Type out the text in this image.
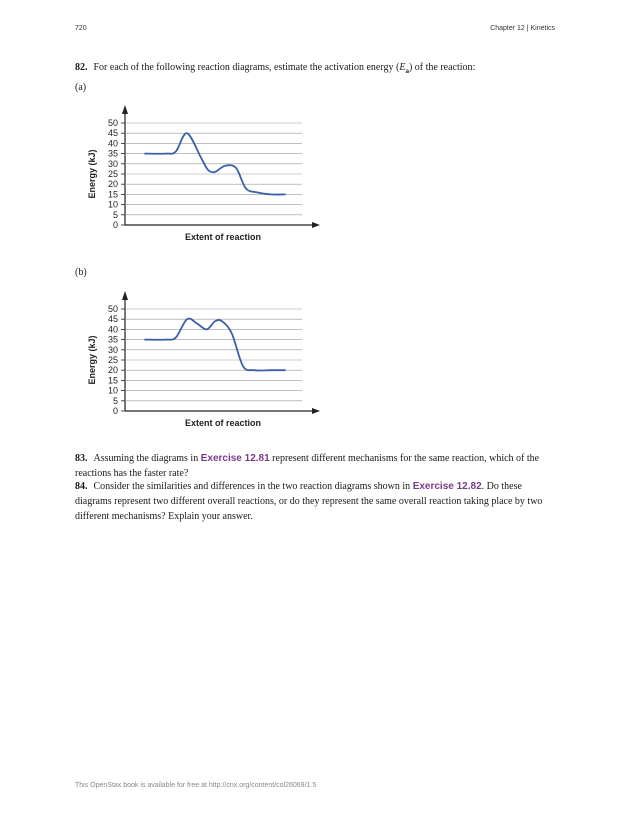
720	Chapter 12 | Kinetics
82. For each of the following reaction diagrams, estimate the activation energy $(E_a)$ of the reaction:
(a)
0
5
10
15
20
25
30
35
40
45
50
Energy (kJ)
Extent of reaction
(b)
0
5
10
15
20
25
30
35
40
45
50
Energy (kJ)
Extent of reaction
83. Assuming the diagrams in Exercise 12.81 represent different mechanisms for the same reaction, which of the reactions has the faster rate?
84. Consider the similarities and differences in the two reaction diagrams shown in Exercise 12.82. Do these diagrams represent two different overall reactions, or do they represent the same overall reaction taking place by two different mechanisms? Explain your answer.
This OpenStax book is available for free at http://cnx.org/content/col26069/1.5
